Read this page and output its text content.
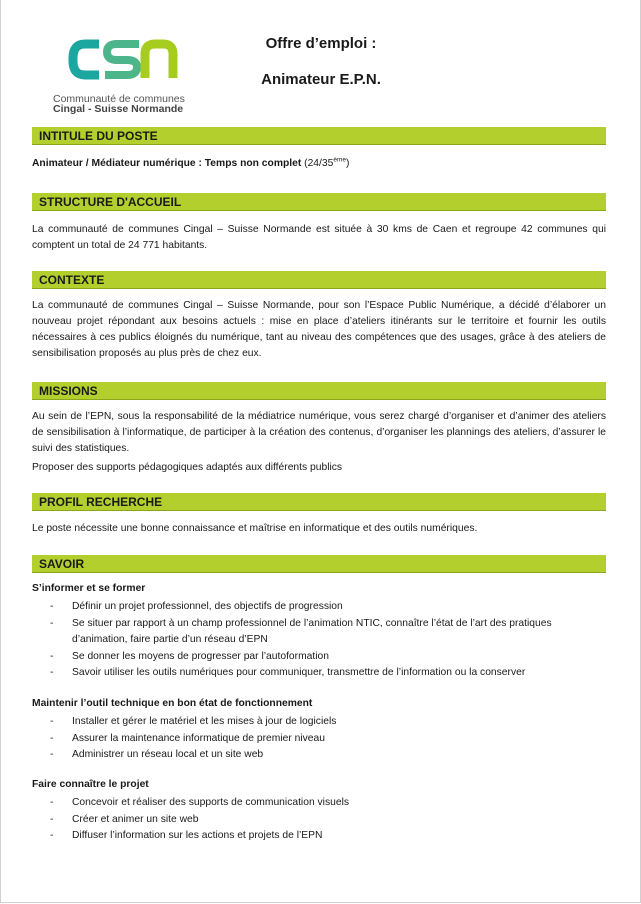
Communauté de communes
Cingal - Suisse Normande
Offre d’emploi :
Animateur E.P.N.
INTITULE DU POSTE
Animateur / Médiateur numérique : Temps non complet (24/35ème)
STRUCTURE D'ACCUEIL
La communauté de communes Cingal – Suisse Normande est située à 30 kms de Caen et regroupe 42 communes qui comptent un total de 24 771 habitants.
CONTEXTE
La communauté de communes Cingal – Suisse Normande, pour son l’Espace Public Numérique, a décidé d’élaborer un nouveau projet répondant aux besoins actuels : mise en place d’ateliers itinérants sur le territoire et fournir les outils nécessaires à ces publics éloignés du numérique, tant au niveau des compétences que des usages, grâce à des ateliers de sensibilisation proposés au plus près de chez eux.
MISSIONS
Au sein de l’EPN, sous la responsabilité de la médiatrice numérique, vous serez chargé d’organiser et d’animer des ateliers de sensibilisation à l’informatique, de participer à la création des contenus, d’organiser les plannings des ateliers, d’assurer le suivi des statistiques.
Proposer des supports pédagogiques adaptés aux différents publics
PROFIL RECHERCHE
Le poste nécessite une bonne connaissance et maîtrise en informatique et des outils numériques.
SAVOIR
S’informer et se former
- Définir un projet professionnel, des objectifs de progression
- Se situer par rapport à un champ professionnel de l’animation NTIC, connaître l’état de l’art des pratiques d’animation, faire partie d’un réseau d’EPN
- Se donner les moyens de progresser par l’autoformation
- Savoir utiliser les outils numériques pour communiquer, transmettre de l’information ou la conserver
Maintenir l’outil technique en bon état de fonctionnement
- Installer et gérer le matériel et les mises à jour de logiciels
- Assurer la maintenance informatique de premier niveau
- Administrer un réseau local et un site web
Faire connaître le projet
- Concevoir et réaliser des supports de communication visuels
- Créer et animer un site web
- Diffuser l’information sur les actions et projets de l’EPN
